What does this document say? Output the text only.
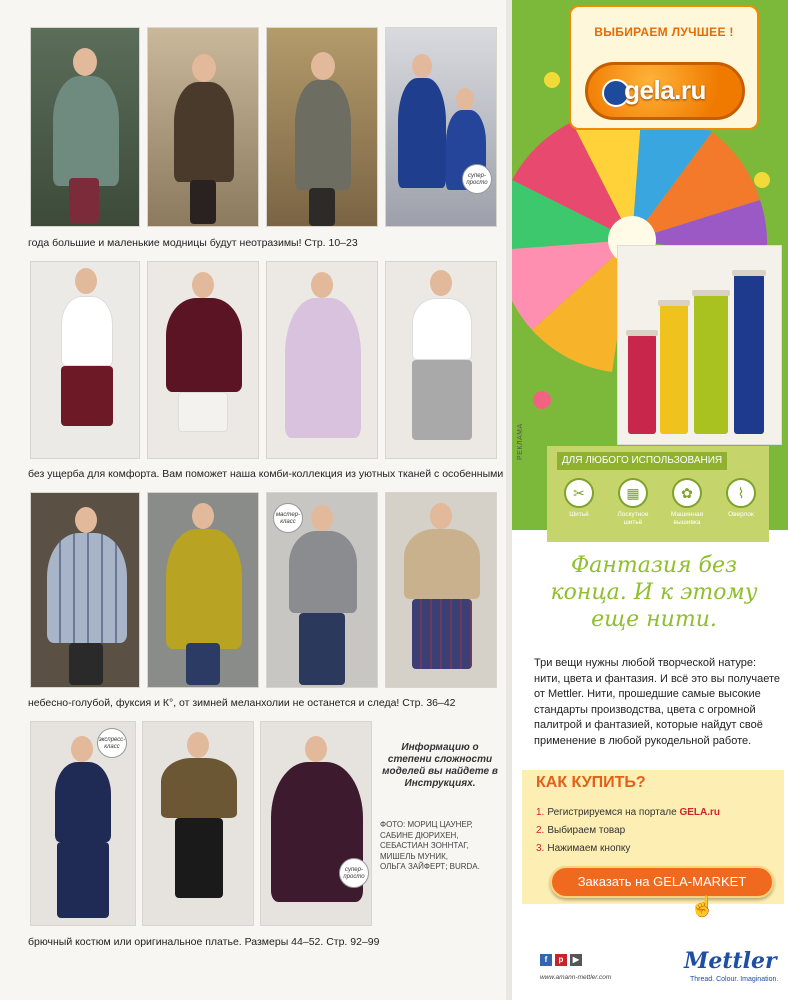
супер-просто
года большие и маленькие модницы будут неотразимы! Стр. 10–23
без ущерба для комфорта. Вам поможет наша комби-коллекция из уютных тканей с особенными
мастер-класс
небесно-голубой, фуксия и К°, от зимней меланхолии не останется и следа! Стр. 36–42
экспресс-класс
супер-просто
Информацию о степени сложности моделей вы найдете в Инструкциях.
ФОТО: МОРИЦ ЦАУНЕР,
САБИНЕ ДЮРИХЕН,
СЕБАСТИАН ЗОННТАГ,
МИШЕЛЬ МУНИК,
ОЛЬГА ЗАЙФЕРТ; BURDA.
брючный костюм или оригинальное платье. Размеры 44–52. Стр. 92–99
ВЫБИРАЕМ ЛУЧШЕЕ !
gela.ru
РЕКЛАМА
ДЛЯ ЛЮБОГО ИСПОЛЬЗОВАНИЯ
✂
Шитьё
▦
Лоскутное шитьё
✿
Машинная вышивка
⌇
Оверлок
Фантазия без
конца. И к этому
еще нити.
Три вещи нужны любой творческой натуре: нити, цвета и фантазия. И всё это вы получаете от Mettler. Нити, прошедшие самые высокие стандарты производства, цвета с огромной палитрой и фантазией, которые найдут своё применение в любой рукодельной работе.
КАК КУПИТЬ?
1. Регистрируемся на портале GELA.ru
2. Выбираем товар
3. Нажимаем кнопку
Заказать на GELA-MARKET
☝
f	p	▶
www.amann-mettler.com
Mettler
Thread. Colour. Imagination.
